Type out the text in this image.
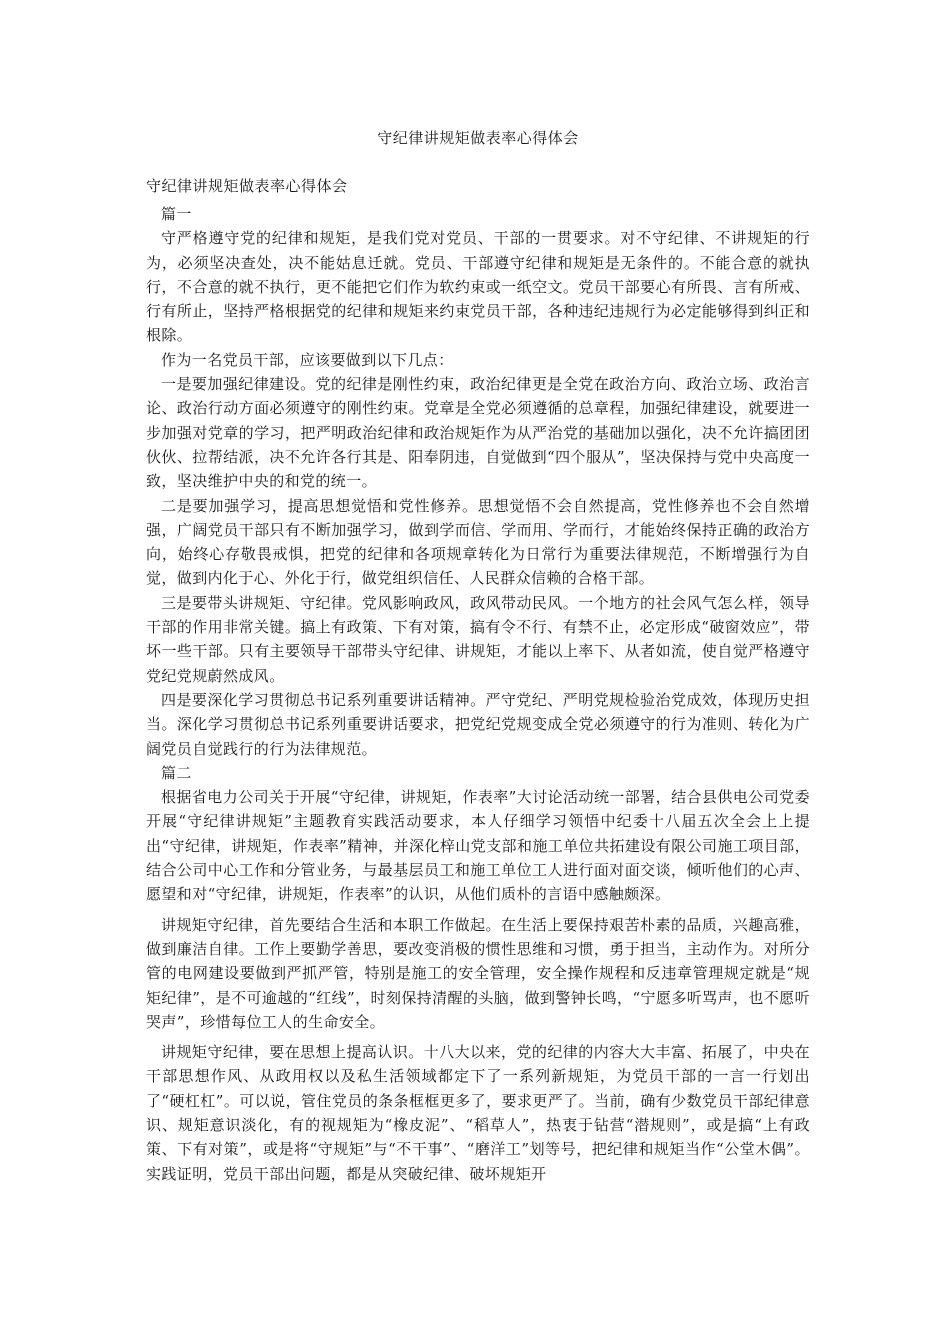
守纪律讲规矩做表率心得体会
守纪律讲规矩做表率心得体会

篇一

守严格遵守党的纪律和规矩，是我们党对党员、干部的一贯要求。对不守纪律、不讲规矩的行为，必须坚决查处，决不能姑息迁就。党员、干部遵守纪律和规矩是无条件的。不能合意的就执行，不合意的就不执行，更不能把它们作为软约束或一纸空文。党员干部要心有所畏、言有所戒、行有所止，坚持严格根据党的纪律和规矩来约束党员干部，各种违纪违规行为必定能够得到纠正和根除。

作为一名党员干部，应该要做到以下几点：

一是要加强纪律建设。党的纪律是刚性约束，政治纪律更是全党在政治方向、政治立场、政治言论、政治行动方面必须遵守的刚性约束。党章是全党必须遵循的总章程，加强纪律建设，就要进一步加强对党章的学习，把严明政治纪律和政治规矩作为从严治党的基础加以强化，决不允许搞团团伙伙、拉帮结派，决不允许各行其是、阳奉阴违，自觉做到“四个服从”，坚决保持与党中央高度一致，坚决维护中央的和党的统一。

二是要加强学习，提高思想觉悟和党性修养。思想觉悟不会自然提高，党性修养也不会自然增强，广阔党员干部只有不断加强学习，做到学而信、学而用、学而行，才能始终保持正确的政治方向，始终心存敬畏戒惧，把党的纪律和各项规章转化为日常行为重要法律规范，不断增强行为自觉，做到内化于心、外化于行，做党组织信任、人民群众信赖的合格干部。

三是要带头讲规矩、守纪律。党风影响政风，政风带动民风。一个地方的社会风气怎么样，领导干部的作用非常关键。搞上有政策、下有对策，搞有令不行、有禁不止，必定形成“破窗效应”，带坏一些干部。只有主要领导干部带头守纪律、讲规矩，才能以上率下、从者如流，使自觉严格遵守党纪党规蔚然成风。

四是要深化学习贯彻总书记系列重要讲话精神。严守党纪、严明党规检验治党成效，体现历史担当。深化学习贯彻总书记系列重要讲话要求，把党纪党规变成全党必须遵守的行为准则、转化为广阔党员自觉践行的行为法律规范。

篇二

根据省电力公司关于开展“守纪律，讲规矩，作表率”大讨论活动统一部署，结合县供电公司党委开展“守纪律讲规矩”主题教育实践活动要求，本人仔细学习领悟中纪委十八届五次全会上上提出“守纪律，讲规矩，作表率”精神，并深化梓山党支部和施工单位共拓建设有限公司施工项目部，结合公司中心工作和分管业务，与最基层员工和施工单位工人进行面对面交谈，倾听他们的心声、愿望和对“守纪律，讲规矩，作表率”的认识，从他们质朴的言语中感触颇深。

讲规矩守纪律，首先要结合生活和本职工作做起。在生活上要保持艰苦朴素的品质，兴趣高雅，做到廉洁自律。工作上要勤学善思，要改变消极的惯性思维和习惯，勇于担当，主动作为。对所分管的电网建设要做到严抓严管，特别是施工的安全管理，安全操作规程和反违章管理规定就是“规矩纪律”，是不可逾越的“红线”，时刻保持清醒的头脑，做到警钟长鸣，“宁愿多听骂声，也不愿听哭声”，珍惜每位工人的生命安全。

讲规矩守纪律，要在思想上提高认识。十八大以来，党的纪律的内容大大丰富、拓展了，中央在干部思想作风、从政用权以及私生活领域都定下了一系列新规矩，为党员干部的一言一行划出了“硬杠杠”。可以说，管住党员的条条框框更多了，要求更严了。当前，确有少数党员干部纪律意识、规矩意识淡化，有的视规矩为“橡皮泥”、“稻草人”，热衷于钻营“潜规则”，或是搞“上有政策、下有对策”，或是将“守规矩”与“不干事”、“磨洋工”划等号，把纪律和规矩当作“公堂木偶”。实践证明，党员干部出问题，都是从突破纪律、破坏规矩开
